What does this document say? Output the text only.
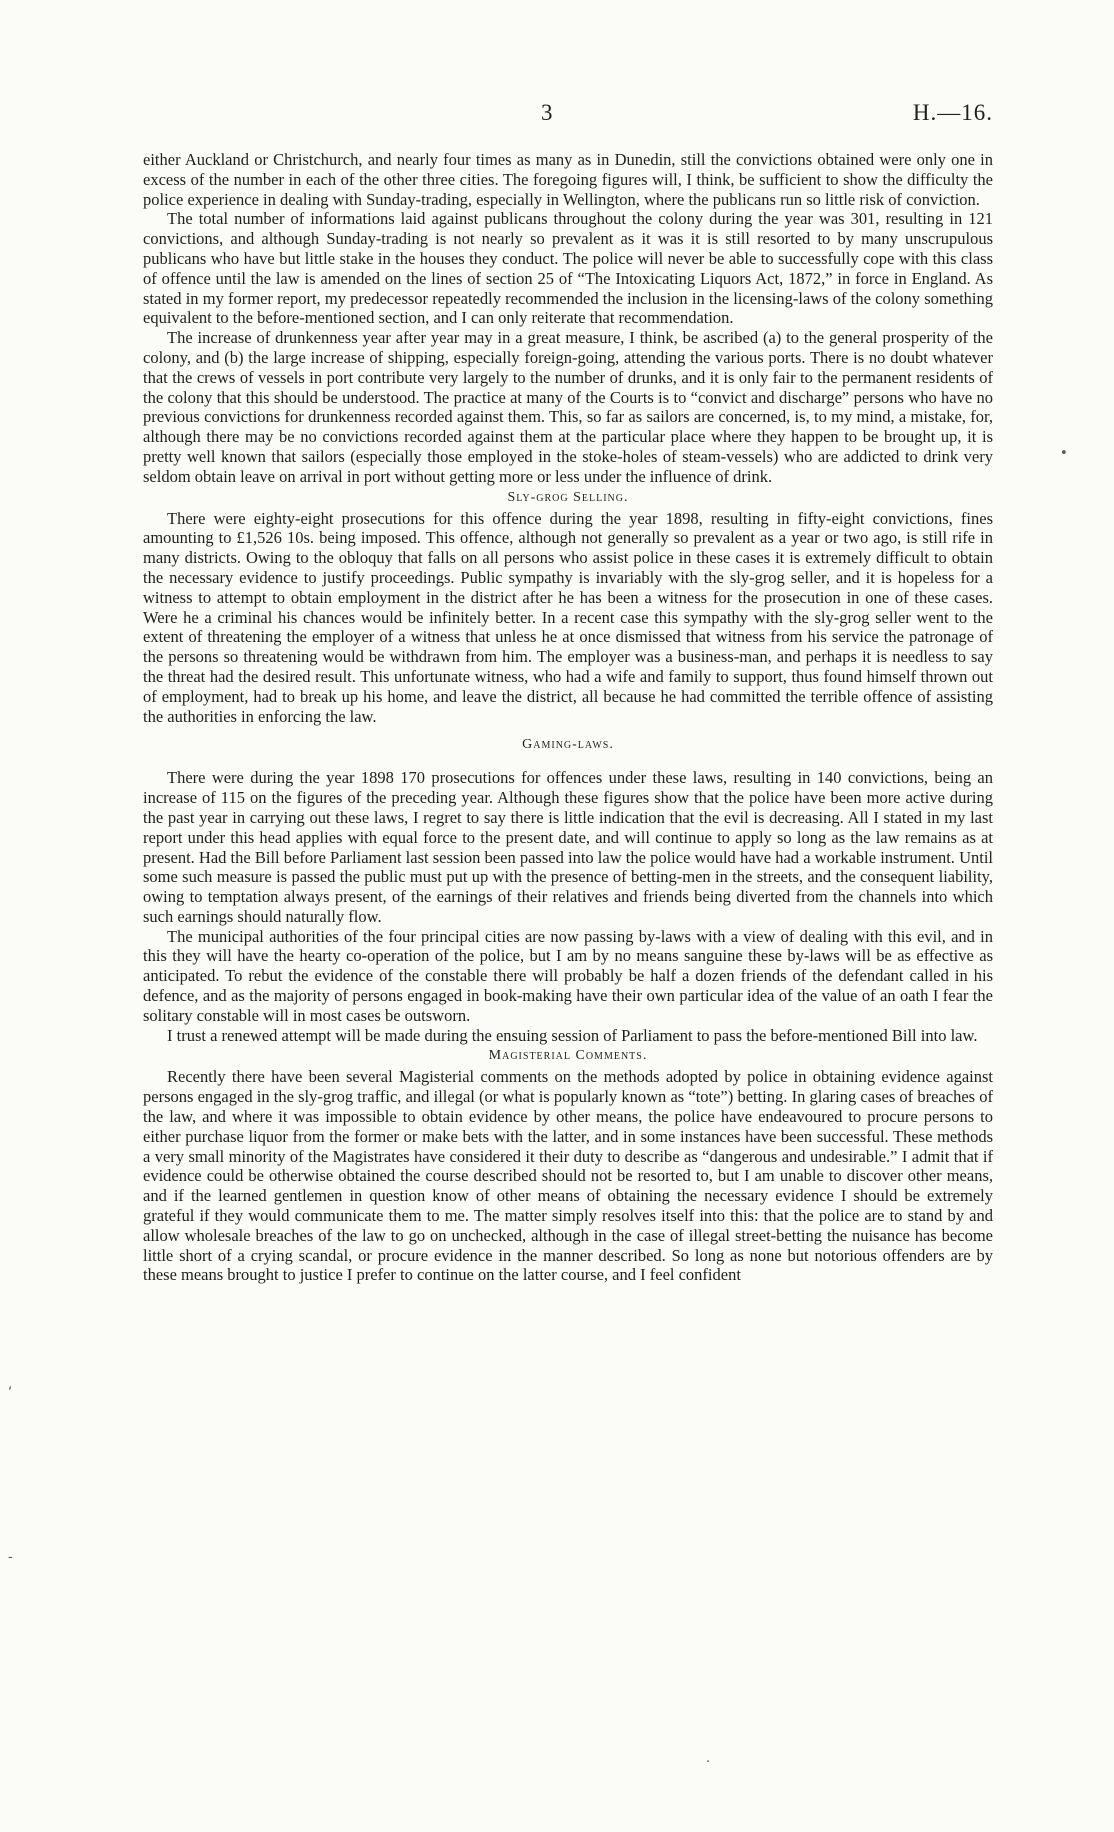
3	H.—16.

either Auckland or Christchurch, and nearly four times as many as in Dunedin, still the convictions obtained were only one in excess of the number in each of the other three cities. The foregoing figures will, I think, be sufficient to show the difficulty the police experience in dealing with Sunday-trading, especially in Wellington, where the publicans run so little risk of conviction.

The total number of informations laid against publicans throughout the colony during the year was 301, resulting in 121 convictions, and although Sunday-trading is not nearly so prevalent as it was it is still resorted to by many unscrupulous publicans who have but little stake in the houses they conduct. The police will never be able to successfully cope with this class of offence until the law is amended on the lines of section 25 of “The Intoxicating Liquors Act, 1872,” in force in England. As stated in my former report, my predecessor repeatedly recommended the inclusion in the licensing-laws of the colony something equivalent to the before-mentioned section, and I can only reiterate that recommendation.

The increase of drunkenness year after year may in a great measure, I think, be ascribed (a) to the general prosperity of the colony, and (b) the large increase of shipping, especially foreign-going, attending the various ports. There is no doubt whatever that the crews of vessels in port contribute very largely to the number of drunks, and it is only fair to the permanent residents of the colony that this should be understood. The practice at many of the Courts is to “convict and discharge” persons who have no previous convictions for drunkenness recorded against them. This, so far as sailors are concerned, is, to my mind, a mistake, for, although there may be no convictions recorded against them at the particular place where they happen to be brought up, it is pretty well known that sailors (especially those employed in the stoke-holes of steam-vessels) who are addicted to drink very seldom obtain leave on arrival in port without getting more or less under the influence of drink.

Sly-grog Selling.

There were eighty-eight prosecutions for this offence during the year 1898, resulting in fifty-eight convictions, fines amounting to £1,526 10s. being imposed. This offence, although not generally so prevalent as a year or two ago, is still rife in many districts. Owing to the obloquy that falls on all persons who assist police in these cases it is extremely difficult to obtain the necessary evidence to justify proceedings. Public sympathy is invariably with the sly-grog seller, and it is hopeless for a witness to attempt to obtain employment in the district after he has been a witness for the prosecution in one of these cases. Were he a criminal his chances would be infinitely better. In a recent case this sympathy with the sly-grog seller went to the extent of threatening the employer of a witness that unless he at once dismissed that witness from his service the patronage of the persons so threatening would be withdrawn from him. The employer was a business-man, and perhaps it is needless to say the threat had the desired result. This unfortunate witness, who had a wife and family to support, thus found himself thrown out of employment, had to break up his home, and leave the district, all because he had committed the terrible offence of assisting the authorities in enforcing the law.

Gaming-laws.

There were during the year 1898 170 prosecutions for offences under these laws, resulting in 140 convictions, being an increase of 115 on the figures of the preceding year. Although these figures show that the police have been more active during the past year in carrying out these laws, I regret to say there is little indication that the evil is decreasing. All I stated in my last report under this head applies with equal force to the present date, and will continue to apply so long as the law remains as at present. Had the Bill before Parliament last session been passed into law the police would have had a workable instrument. Until some such measure is passed the public must put up with the presence of betting-men in the streets, and the consequent liability, owing to temptation always present, of the earnings of their relatives and friends being diverted from the channels into which such earnings should naturally flow.

The municipal authorities of the four principal cities are now passing by-laws with a view of dealing with this evil, and in this they will have the hearty co-operation of the police, but I am by no means sanguine these by-laws will be as effective as anticipated. To rebut the evidence of the constable there will probably be half a dozen friends of the defendant called in his defence, and as the majority of persons engaged in book-making have their own particular idea of the value of an oath I fear the solitary constable will in most cases be outsworn.

I trust a renewed attempt will be made during the ensuing session of Parliament to pass the before-mentioned Bill into law.

Magisterial Comments.

Recently there have been several Magisterial comments on the methods adopted by police in obtaining evidence against persons engaged in the sly-grog traffic, and illegal (or what is popularly known as “tote”) betting. In glaring cases of breaches of the law, and where it was impossible to obtain evidence by other means, the police have endeavoured to procure persons to either purchase liquor from the former or make bets with the latter, and in some instances have been successful. These methods a very small minority of the Magistrates have considered it their duty to describe as “dangerous and undesirable.” I admit that if evidence could be otherwise obtained the course described should not be resorted to, but I am unable to discover other means, and if the learned gentlemen in question know of other means of obtaining the necessary evidence I should be extremely grateful if they would communicate them to me. The matter simply resolves itself into this: that the police are to stand by and allow wholesale breaches of the law to go on unchecked, although in the case of illegal street-betting the nuisance has become little short of a crying scandal, or procure evidence in the manner described. So long as none but notorious offenders are by these means brought to justice I prefer to continue on the latter course, and I feel confident

•
ʻ
-
·
